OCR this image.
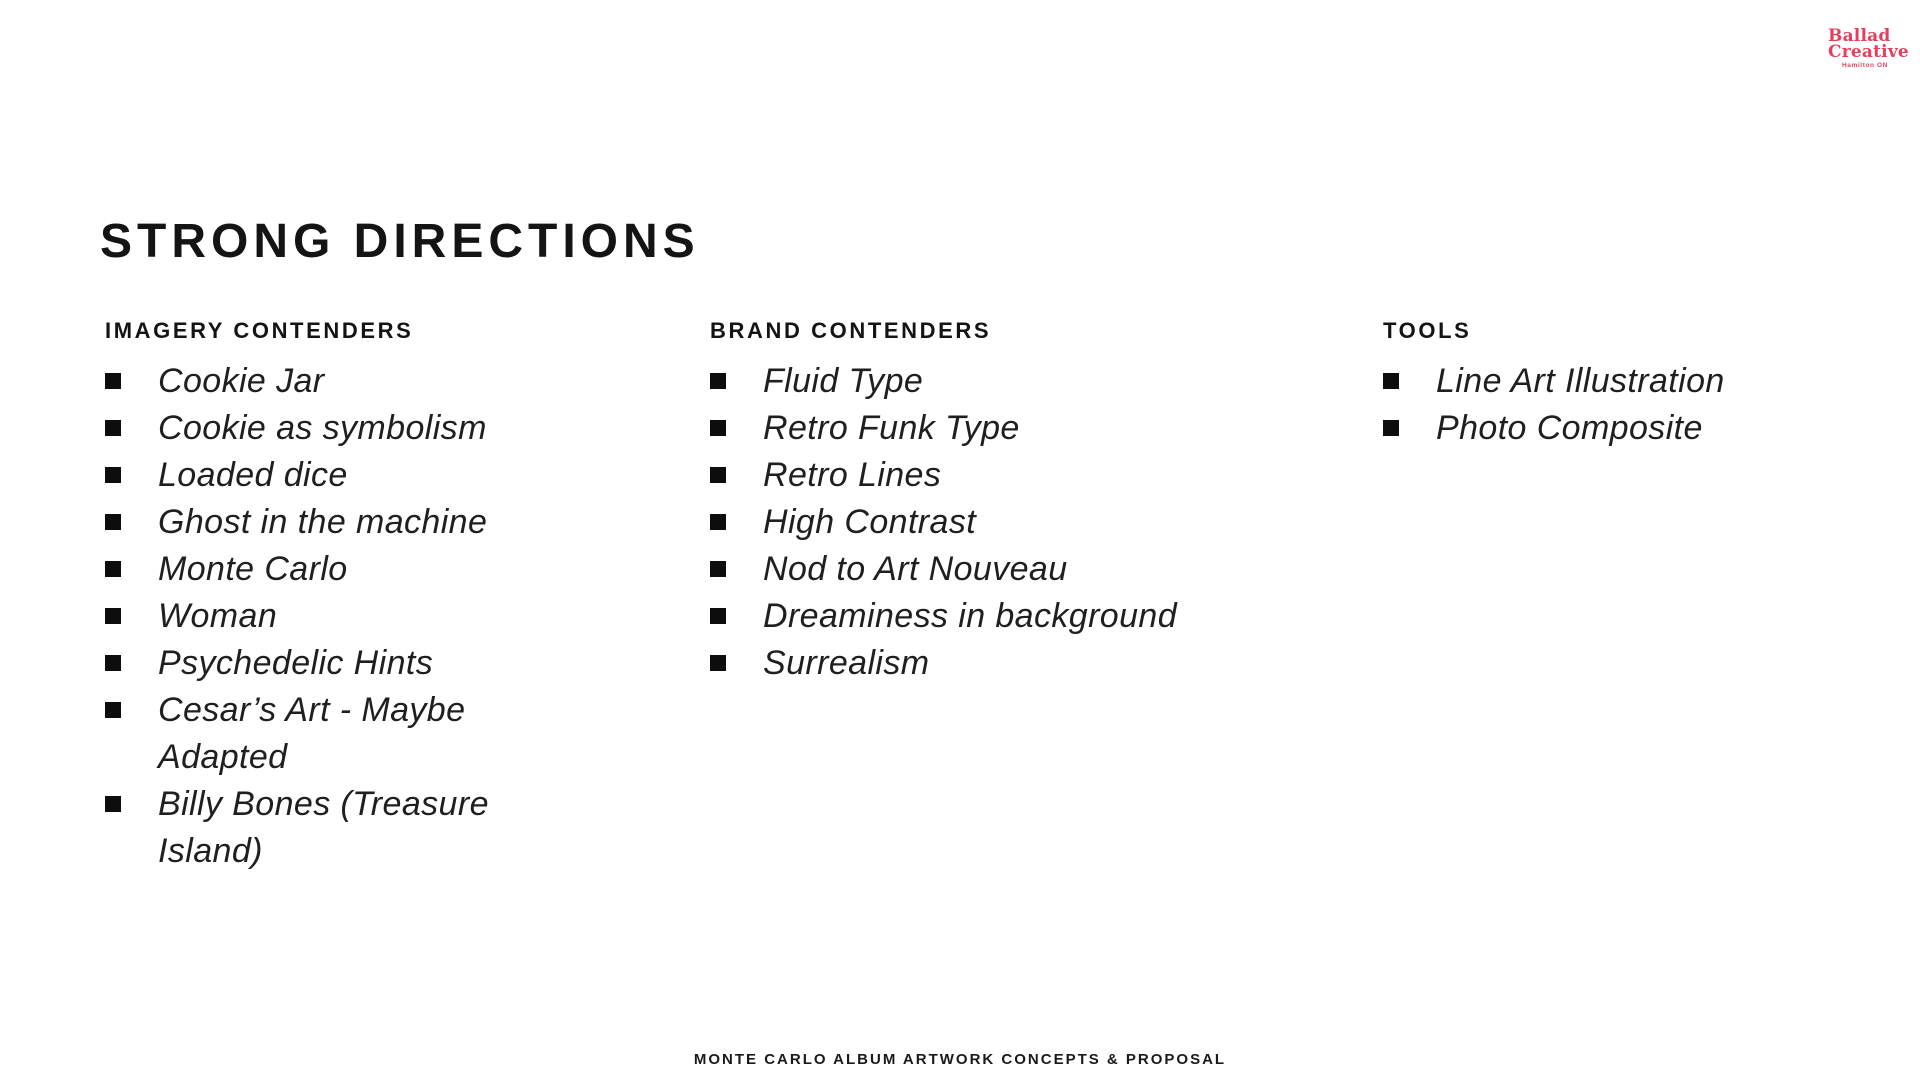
Ballad
Creative
Hamilton ON
STRONG DIRECTIONS
IMAGERY CONTENDERS
Cookie Jar
Cookie as symbolism
Loaded dice
Ghost in the machine
Monte Carlo
Woman
Psychedelic Hints
Cesar’s Art - Maybe Adapted
Billy Bones (Treasure Island)
BRAND CONTENDERS
Fluid Type
Retro Funk Type
Retro Lines
High Contrast
Nod to Art Nouveau
Dreaminess in background
Surrealism
TOOLS
Line Art Illustration
Photo Composite
MONTE CARLO ALBUM ARTWORK CONCEPTS & PROPOSAL
